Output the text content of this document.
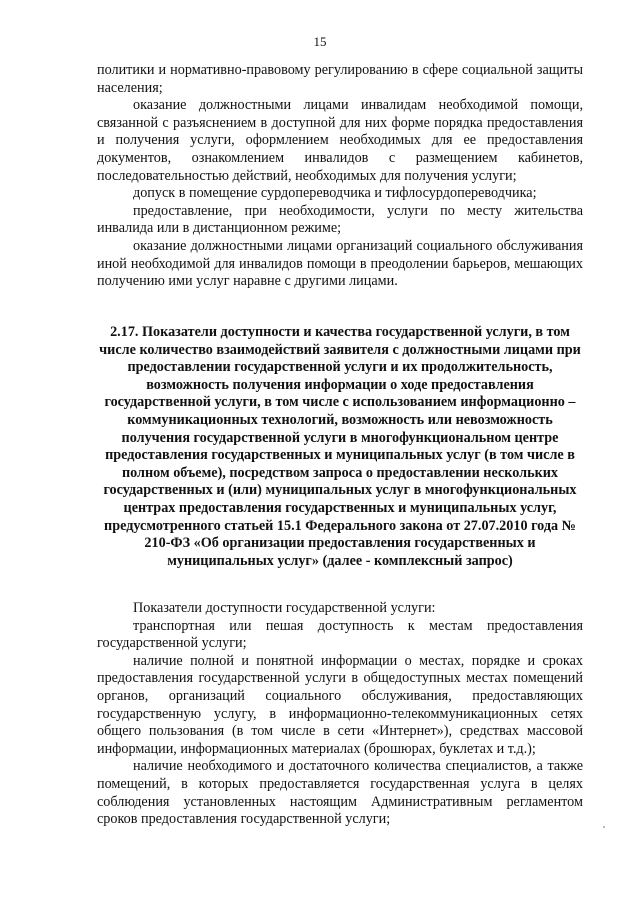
15

политики и нормативно-правовому регулированию в сфере социальной защиты населения;

оказание должностными лицами инвалидам необходимой помощи, связанной с разъяснением в доступной для них форме порядка предоставления и получения услуги, оформлением необходимых для ее предоставления документов, ознакомлением инвалидов с размещением кабинетов, последовательностью действий, необходимых для получения услуги;

допуск в помещение сурдопереводчика и тифлосурдопереводчика;

предоставление, при необходимости, услуги по месту жительства инвалида или в дистанционном режиме;

оказание должностными лицами организаций социального обслуживания иной необходимой для инвалидов помощи в преодолении барьеров, мешающих получению ими услуг наравне с другими лицами.

2.17. Показатели доступности и качества государственной услуги, в том числе количество взаимодействий заявителя с должностными лицами при предоставлении государственной услуги и их продолжительность, возможность получения информации о ходе предоставления государственной услуги, в том числе с использованием информационно – коммуникационных технологий, возможность или невозможность получения государственной услуги в многофункциональном центре предоставления государственных и муниципальных услуг (в том числе в полном объеме), посредством запроса о предоставлении нескольких государственных и (или) муниципальных услуг в многофункциональных центрах предоставления государственных и муниципальных услуг, предусмотренного статьей 15.1 Федерального закона от 27.07.2010 года № 210-ФЗ «Об организации предоставления государственных и муниципальных услуг» (далее - комплексный запрос)

Показатели доступности государственной услуги:

транспортная или пешая доступность к местам предоставления государственной услуги;

наличие полной и понятной информации о местах, порядке и сроках предоставления государственной услуги в общедоступных местах помещений органов, организаций социального обслуживания, предоставляющих государственную услугу, в информационно-телекоммуникационных сетях общего пользования (в том числе в сети «Интернет»), средствах массовой информации, информационных материалах (брошюрах, буклетах и т.д.);

наличие необходимого и достаточного количества специалистов, а также помещений, в которых предоставляется государственная услуга в целях соблюдения установленных настоящим Административным регламентом сроков предоставления государственной услуги;
